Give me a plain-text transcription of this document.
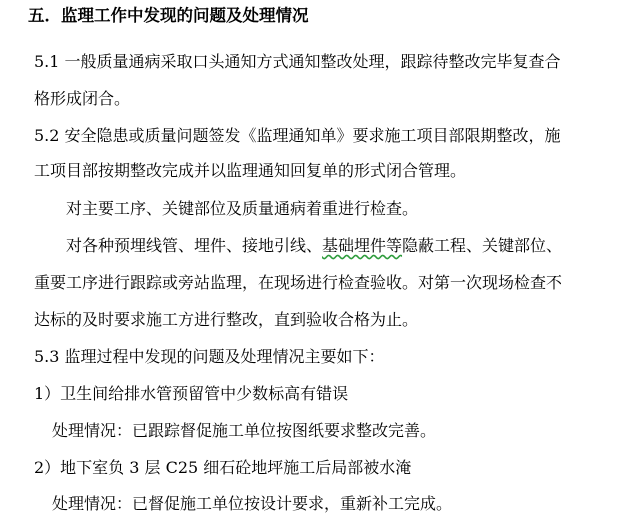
五．监理工作中发现的问题及处理情况
5.1 一般质量通病采取口头通知方式通知整改处理，跟踪待整改完毕复查合
格形成闭合。
5.2 安全隐患或质量问题签发《监理通知单》要求施工项目部限期整改，施
工项目部按期整改完成并以监理通知回复单的形式闭合管理。
对主要工序、关键部位及质量通病着重进行检查。
对各种预埋线管、埋件、接地引线、基础埋件等隐蔽工程、关键部位、
重要工序进行跟踪或旁站监理，在现场进行检查验收。对第一次现场检查不
达标的及时要求施工方进行整改，直到验收合格为止。
5.3 监理过程中发现的问题及处理情况主要如下：
1）卫生间给排水管预留管中少数标高有错误
处理情况：已跟踪督促施工单位按图纸要求整改完善。
2）地下室负 3 层 C25 细石砼地坪施工后局部被水淹
处理情况：已督促施工单位按设计要求，重新补工完成。
